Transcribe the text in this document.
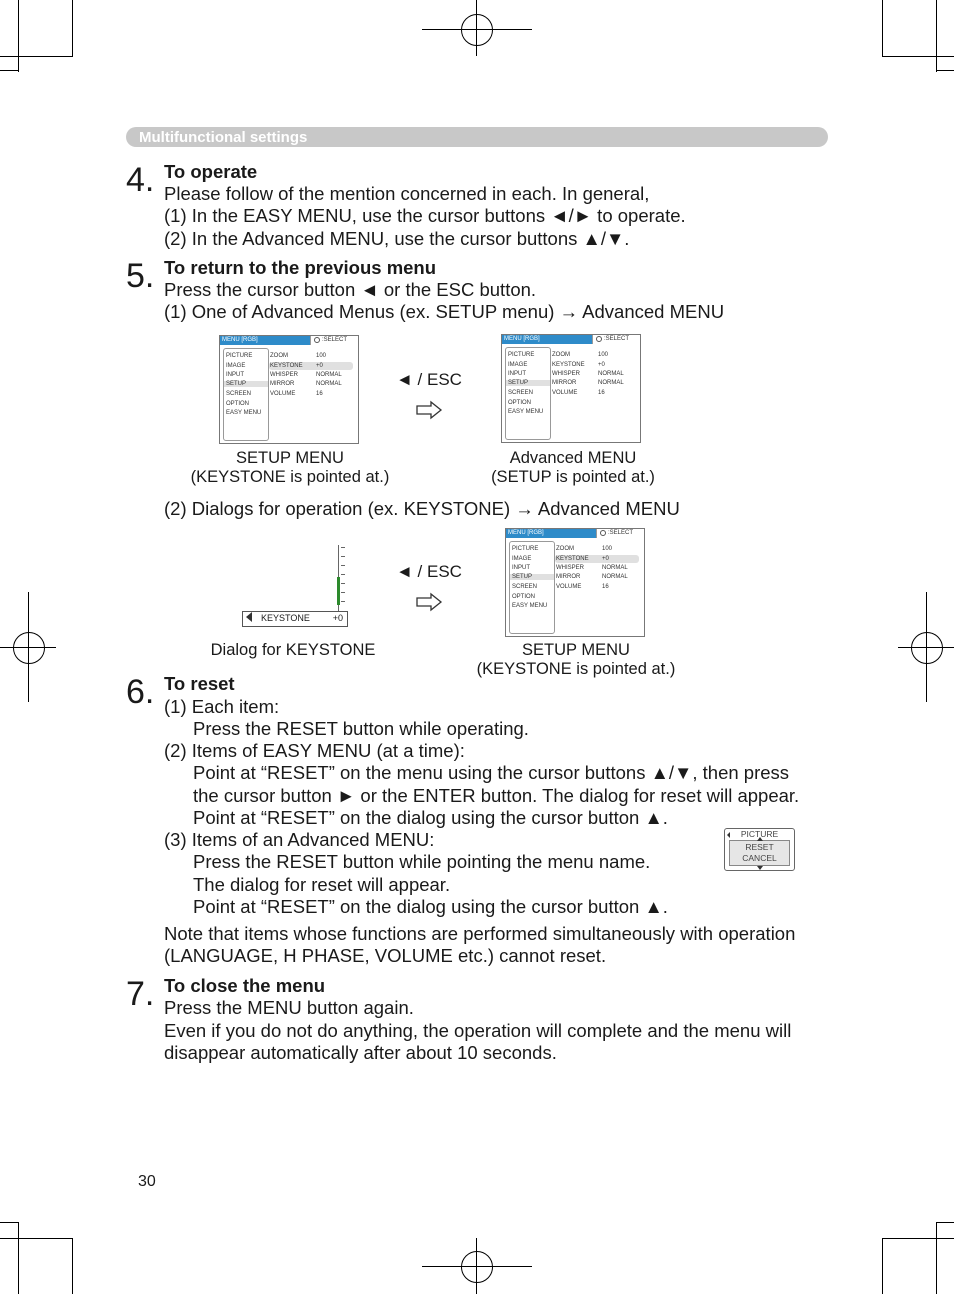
Multifunctional settings
4. To operate
Please follow of the mention concerned in each. In general,
(1) In the EASY MENU, use the cursor buttons ◄/► to operate.
(2) In the Advanced MENU, use the cursor buttons ▲/▼.
5. To return to the previous menu
Press the cursor button ◄ or the ESC button.
(1) One of Advanced Menus (ex. SETUP menu) → Advanced MENU
MENU [RGB]	:SELECT
PICTURE
IMAGE
INPUT
SETUP
SCREEN
OPTION
EASY MENU
ZOOM
KEYSTONE
WHISPER
MIRROR
VOLUME
100
+0
NORMAL
NORMAL
16
◄ / ESC
MENU [RGB]	:SELECT
PICTURE
IMAGE
INPUT
SETUP
SCREEN
OPTION
EASY MENU
ZOOM
KEYSTONE
WHISPER
MIRROR
VOLUME
100
+0
NORMAL
NORMAL
16
SETUP MENU
(KEYSTONE is pointed at.)
Advanced MENU
(SETUP is pointed at.)
(2) Dialogs for operation (ex. KEYSTONE) → Advanced MENU
KEYSTONE	+0
◄ / ESC
MENU [RGB]	:SELECT
PICTURE
IMAGE
INPUT
SETUP
SCREEN
OPTION
EASY MENU
ZOOM
KEYSTONE
WHISPER
MIRROR
VOLUME
100
+0
NORMAL
NORMAL
16
Dialog for KEYSTONE	SETUP MENU
(KEYSTONE is pointed at.)
6. To reset
(1) Each item:
Press the RESET button while operating.
(2) Items of EASY MENU (at a time):
Point at “RESET” on the menu using the cursor buttons ▲/▼, then press
the cursor button ► or the ENTER button. The dialog for reset will appear.
Point at “RESET” on the dialog using the cursor button ▲.
(3) Items of an Advanced MENU:
Press the RESET button while pointing the menu name.
The dialog for reset will appear.
Point at “RESET” on the dialog using the cursor button ▲.
PICTURE
RESET
CANCEL
Note that items whose functions are performed simultaneously with operation
(LANGUAGE, H PHASE, VOLUME etc.) cannot reset.
7. To close the menu
Press the MENU button again.
Even if you do not do anything, the operation will complete and the menu will
disappear automatically after about 10 seconds.
30
